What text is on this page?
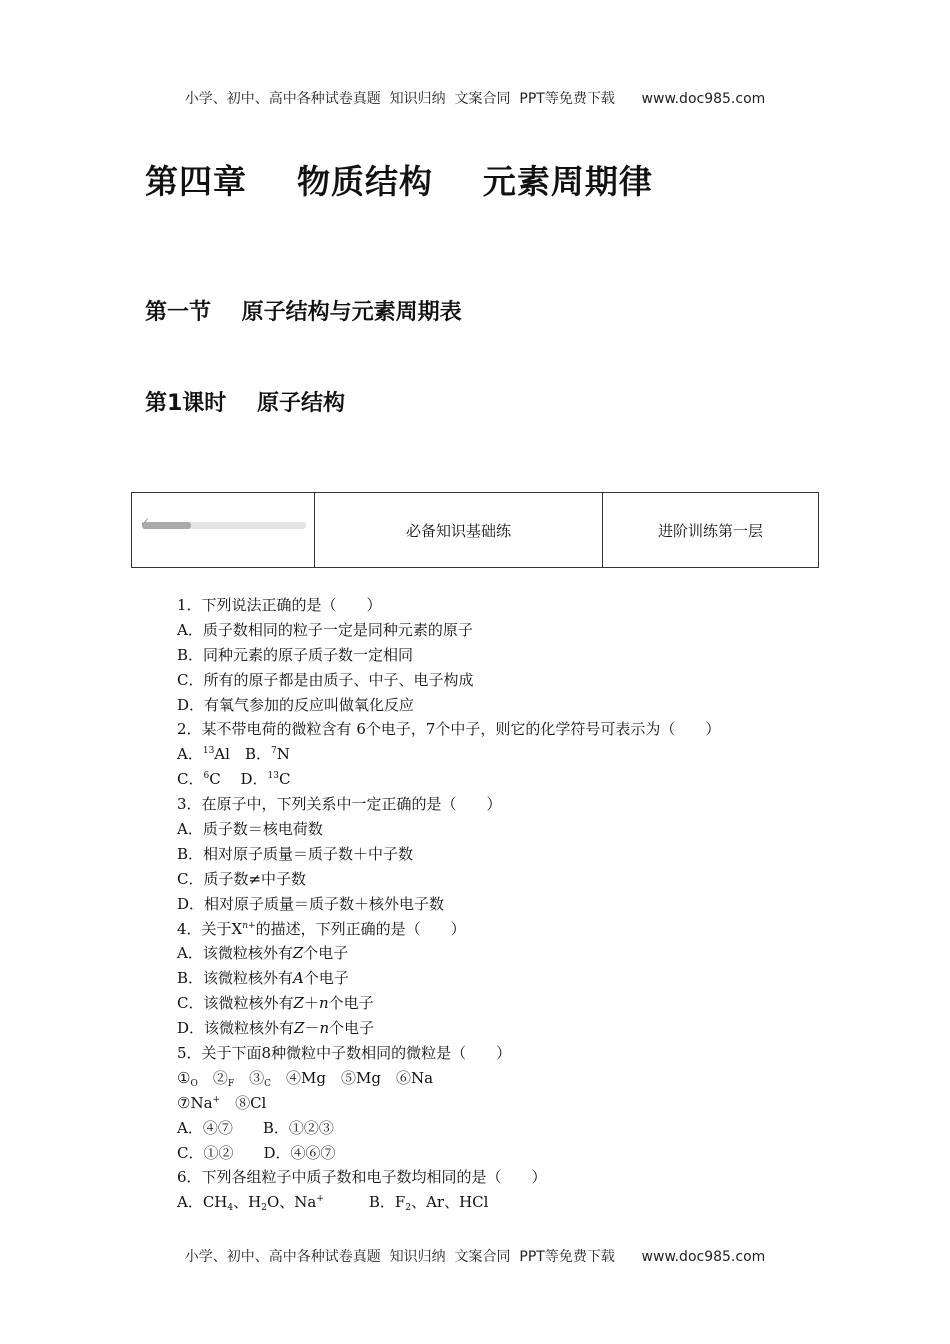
小学、初中、高中各种试卷真题  知识归纳  文案合同  PPT等免费下载      www.doc985.com
第四章    物质结构    元素周期律
第一节    原子结构与元素周期表
第1课时    原子结构
✓	必备知识基础练	进阶训练第一层
1．下列说法正确的是（　　）
A．质子数相同的粒子一定是同种元素的原子
B．同种元素的原子质子数一定相同
C．所有的原子都是由质子、中子、电子构成
D．有氧气参加的反应叫做氧化反应
2．某不带电荷的微粒含有 6个电子，7个中子，则它的化学符号可表示为（　　）
A．$^{13}$Al　B．$^7$N
C．$^6$C　 D．$^{13}$C
3．在原子中，下列关系中一定正确的是（　　）
A．质子数＝核电荷数
B．相对原子质量＝质子数＋中子数
C．质子数≠中子数
D．相对原子质量＝质子数＋核外电子数
4．关于$X^{n+}$的描述，下列正确的是（　　）
A．该微粒核外有Z个电子
B．该微粒核外有A个电子
C．该微粒核外有Z＋n个电子
D．该微粒核外有Z－n个电子
5．关于下面8种微粒中子数相同的微粒是（　　）
$①_O$　$②_F$　$③_C$　④Mg　⑤Mg　⑥Na
⑦Na+　⑧Cl
A．④⑦　　B．①②③
C．①②　　D．④⑥⑦
6．下列各组粒子中质子数和电子数均相同的是（　　）
A．$CH_4$、$H_2O$、Na+　　　B．$F_2$、Ar、HCl
小学、初中、高中各种试卷真题  知识归纳  文案合同  PPT等免费下载      www.doc985.com
